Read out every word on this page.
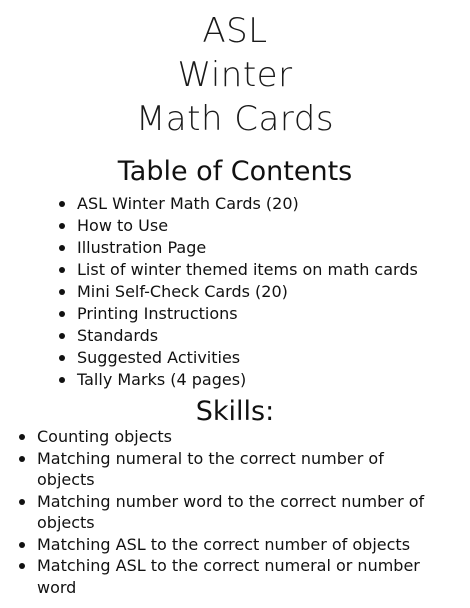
ASL
Winter
Math Cards
Table of Contents
ASL Winter Math Cards (20)
How to Use
Illustration Page
List of winter themed items on math cards
Mini Self-Check Cards (20)
Printing Instructions
Standards
Suggested Activities
Tally Marks (4 pages)
Skills:
Counting objects
Matching numeral to the correct number of objects
Matching number word to the correct number of objects
Matching ASL to the correct number of objects
Matching ASL to the correct numeral or number word
